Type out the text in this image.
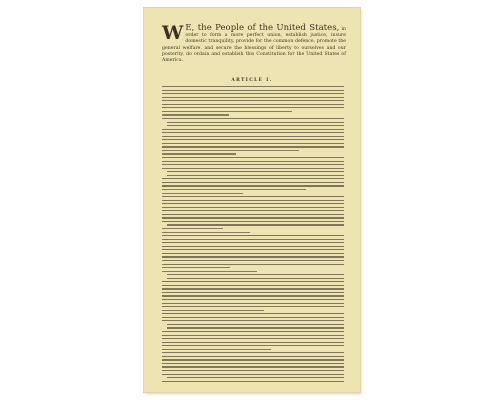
W E, the People of the United States, in order to form a more perfect union, establish justice, insure domestic tranquility, provide for the common defence, promote the general welfare, and secure the blessings of liberty to ourselves and our posterity, do ordain and establish this Constitution for the United States of America.
ARTICLE I.
